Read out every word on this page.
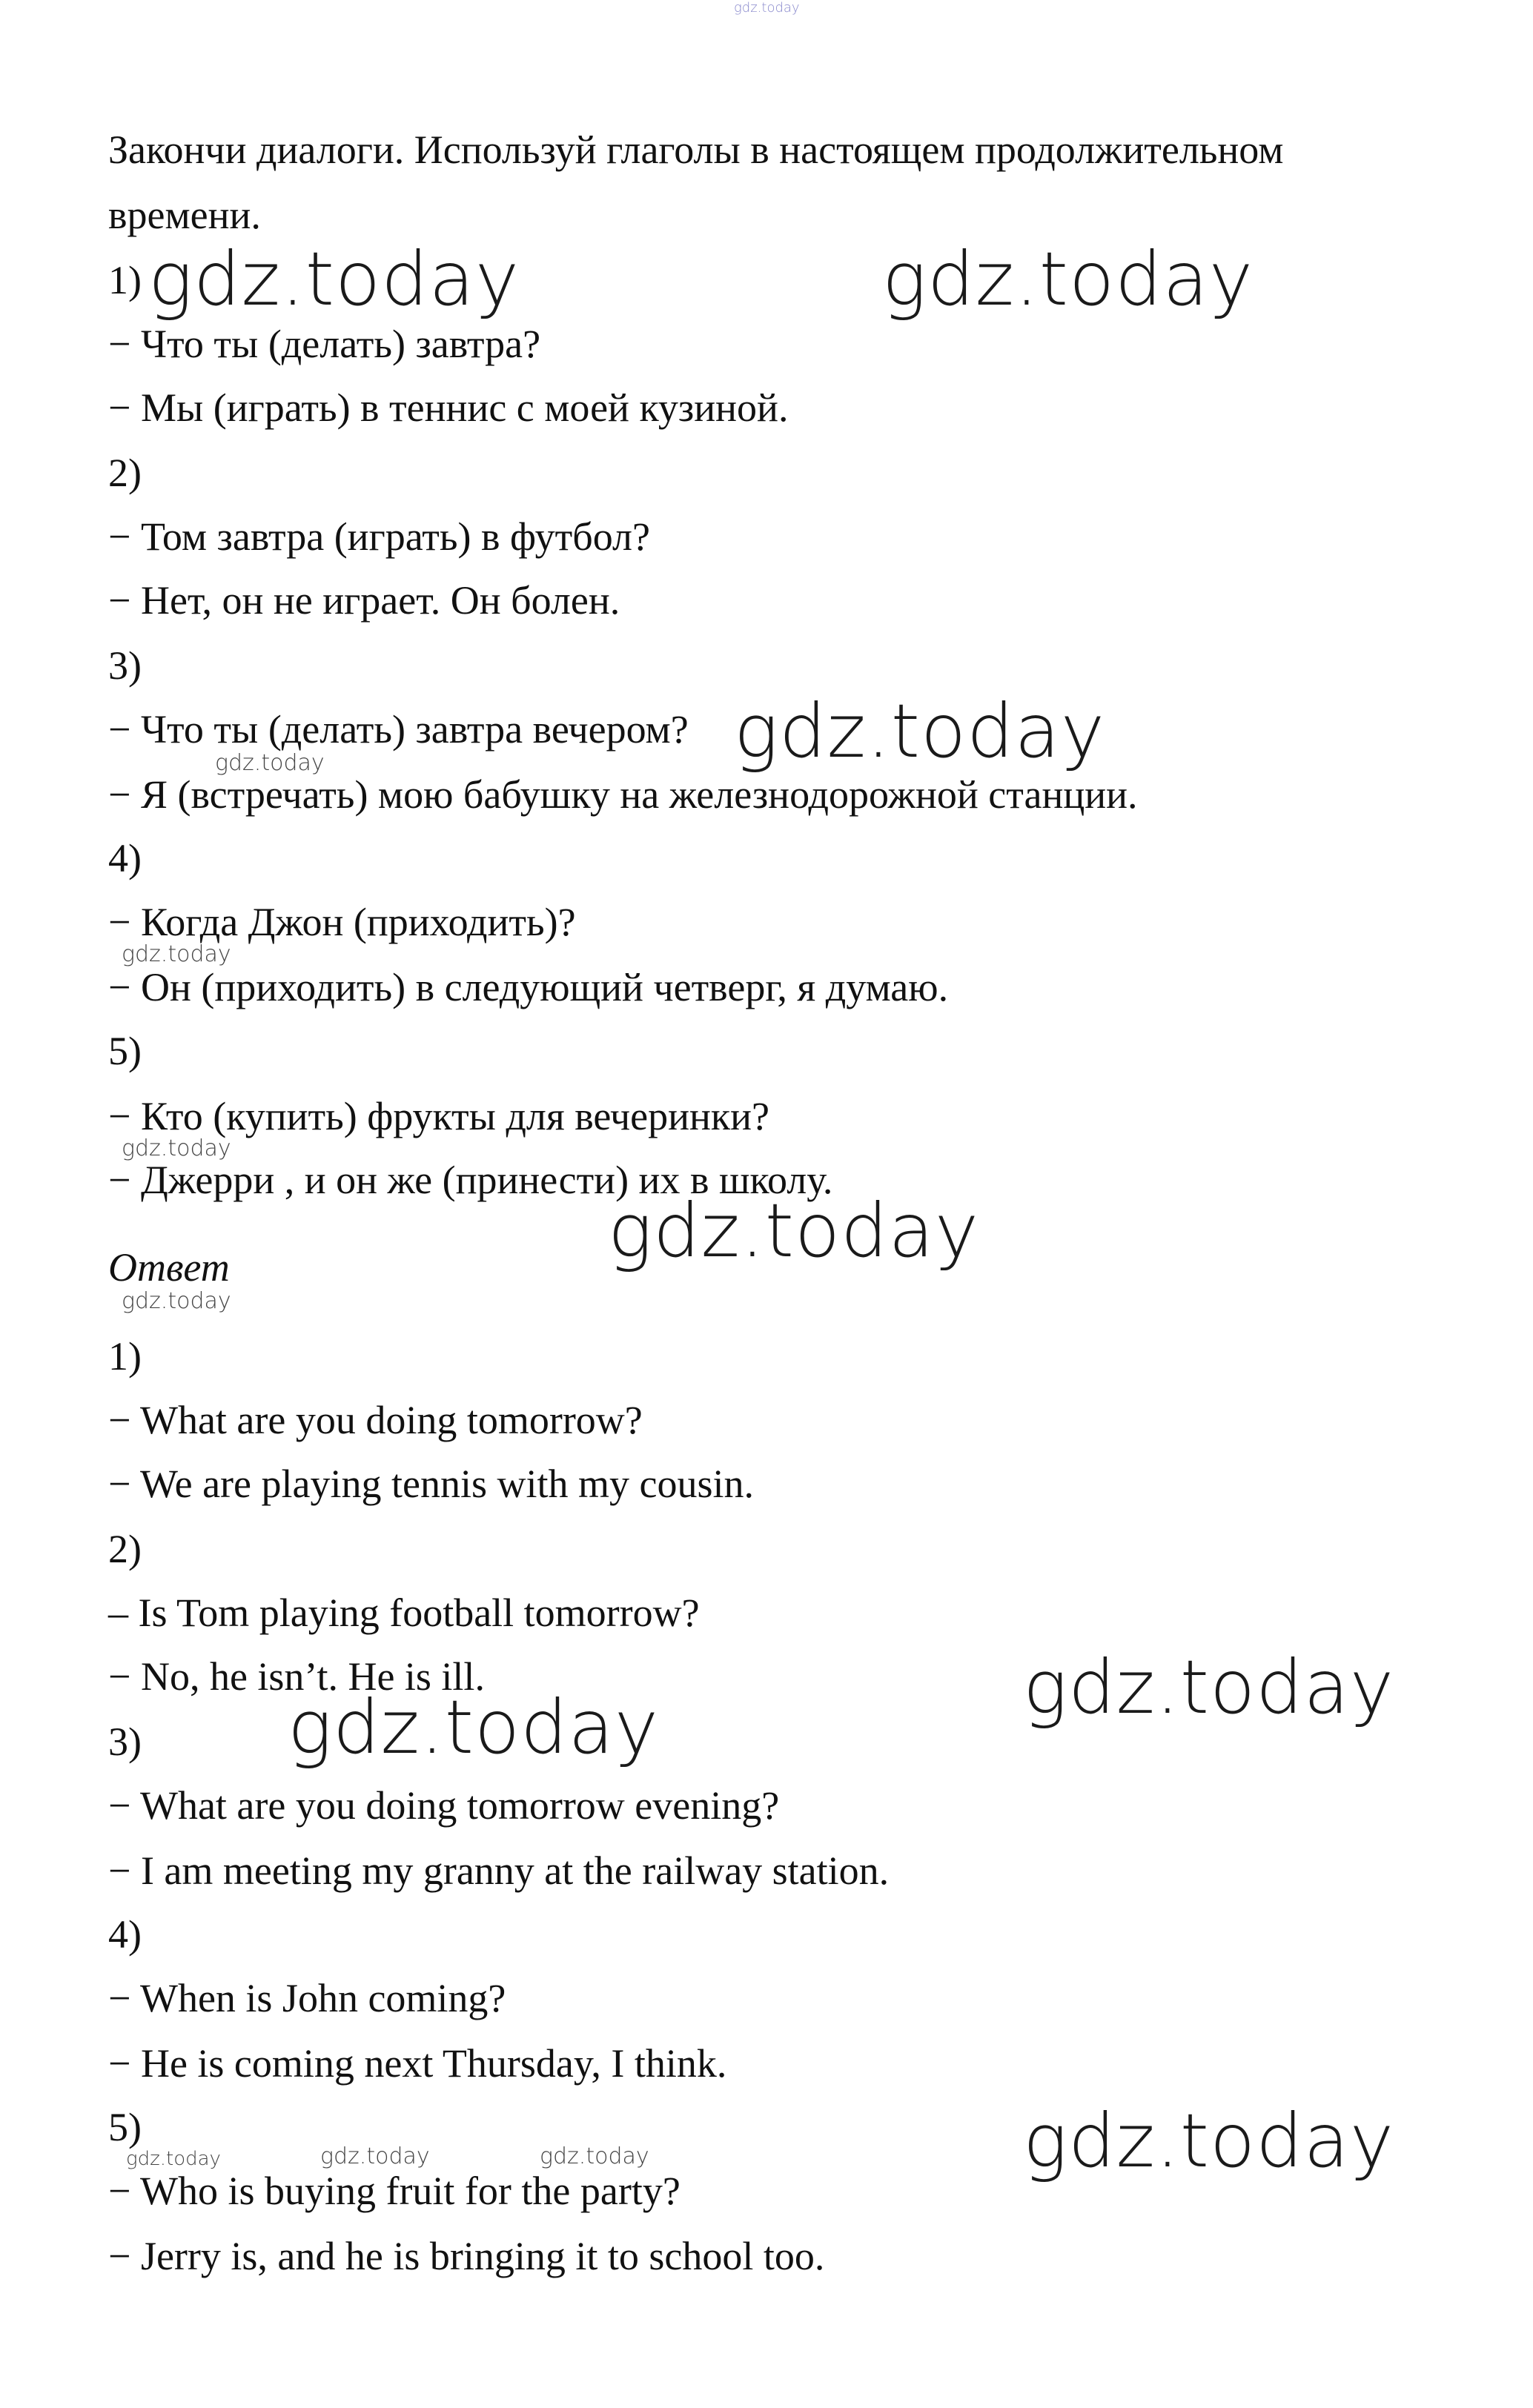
gdz.today
Закончи диалоги. Используй глаголы в настоящем продолжительном
времени.
1)
− Что ты (делать) завтра?
− Мы (играть) в теннис с моей кузиной.
2)
− Том завтра (играть) в футбол?
− Нет, он не играет. Он болен.
3)
− Что ты (делать) завтра вечером?
− Я (встречать) мою бабушку на железнодорожной станции.
4)
− Когда Джон (приходить)?
− Он (приходить) в следующий четверг, я думаю.
5)
− Кто (купить) фрукты для вечеринки?
− Джерри , и он же (принести) их в школу.
Ответ
1)
− What are you doing tomorrow?
− We are playing tennis with my cousin.
2)
– Is Tom playing football tomorrow?
− No, he isn’t. He is ill.
3)
− What are you doing tomorrow evening?
− I am meeting my granny at the railway station.
4)
− When is John coming?
− He is coming next Thursday, I think.
5)
− Who is buying fruit for the party?
− Jerry is, and he is bringing it to school too.
gdz.today	gdz.today
gdz.today
gdz.today
gdz.today
gdz.today
gdz.today
gdz.today
gdz.today
gdz.today
gdz.today
gdz.today	gdz.today	gdz.today
